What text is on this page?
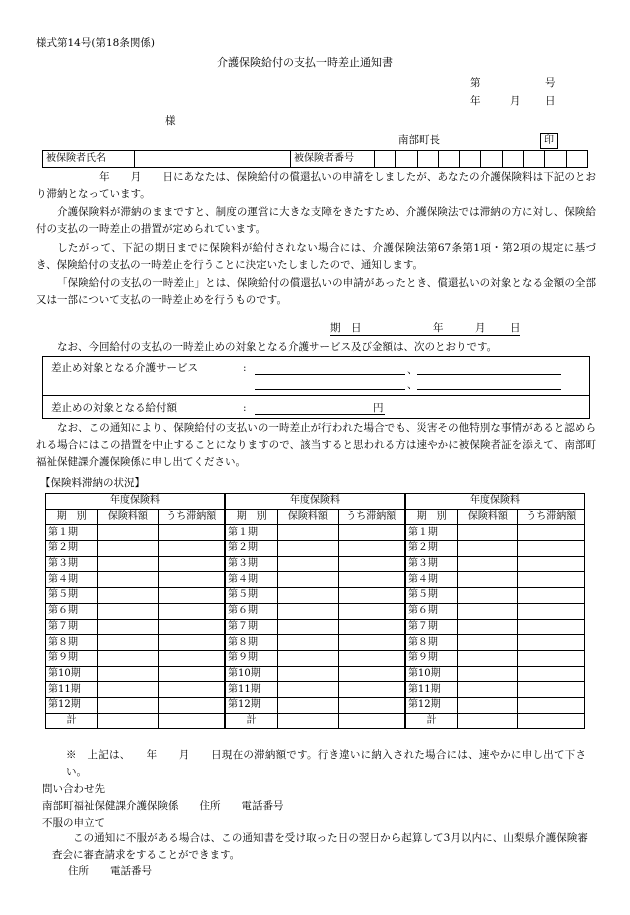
様式第14号(第18条関係)
介護保険給付の支払一時差止通知書
第	号
年	月 日
様
南部町長	印
被保険者氏名		被保険者番号										
　年　　月　　日にあなたは、保険給付の償還払いの申請をしましたが、あなたの介護保険料は下記のとおり滞納となっています。
介護保険料が滞納のままですと、制度の運営に大きな支障をきたすため、介護保険法では滞納の方に対し、保険給付の支払の一時差止の措置が定められています。
したがって、下記の期日までに保険料が給付されない場合には、介護保険法第67条第1項・第2項の規定に基づき、保険給付の支払の一時差止を行うことに決定いたしましたので、通知します。
「保険給付の支払の一時差止」とは、保険給付の償還払いの申請があったとき、償還払いの対象となる金額の全部又は一部について支払の一時差止めを行うものです。
期　日	年	月 日
なお、今回給付の支払の一時差止めの対象となる介護サービス及び金額は、次のとおりです。
差止め対象となる介護サービス	:	、
、
差止めの対象となる給付額	:	円
なお、この通知により、保険給付の支払いの一時差止が行われた場合でも、災害その他特別な事情があると認められる場合にはこの措置を中止することになりますので、該当すると思われる方は速やかに被保険者証を添えて、南部町福祉保健課介護保険係に申し出てください。
【保険料滞納の状況】
年度保険料			年度保険料			年度保険料		
期　別	保険料額	うち滞納額	期　別	保険料額	うち滞納額	期　別	保険料額	うち滞納額
第１期			第１期			第１期		
第２期			第２期			第２期		
第３期			第３期			第３期		
第４期			第４期			第４期		
第５期			第５期			第５期		
第６期			第６期			第６期		
第７期			第７期			第７期		
第８期			第８期			第８期		
第９期			第９期			第９期		
第10期			第10期			第10期		
第11期			第11期			第11期		
第12期			第12期			第12期		
計			計			計		
※　上記は、　　年　　月　　日現在の滞納額です。行き違いに納入された場合には、速やかに申し出て下さい。
問い合わせ先
南部町福祉保健課介護保険係　　住所　　電話番号
不服の申立て
この通知に不服がある場合は、この通知書を受け取った日の翌日から起算して3月以内に、山梨県介護保険審査会に審査請求をすることができます。
住所　　電話番号
